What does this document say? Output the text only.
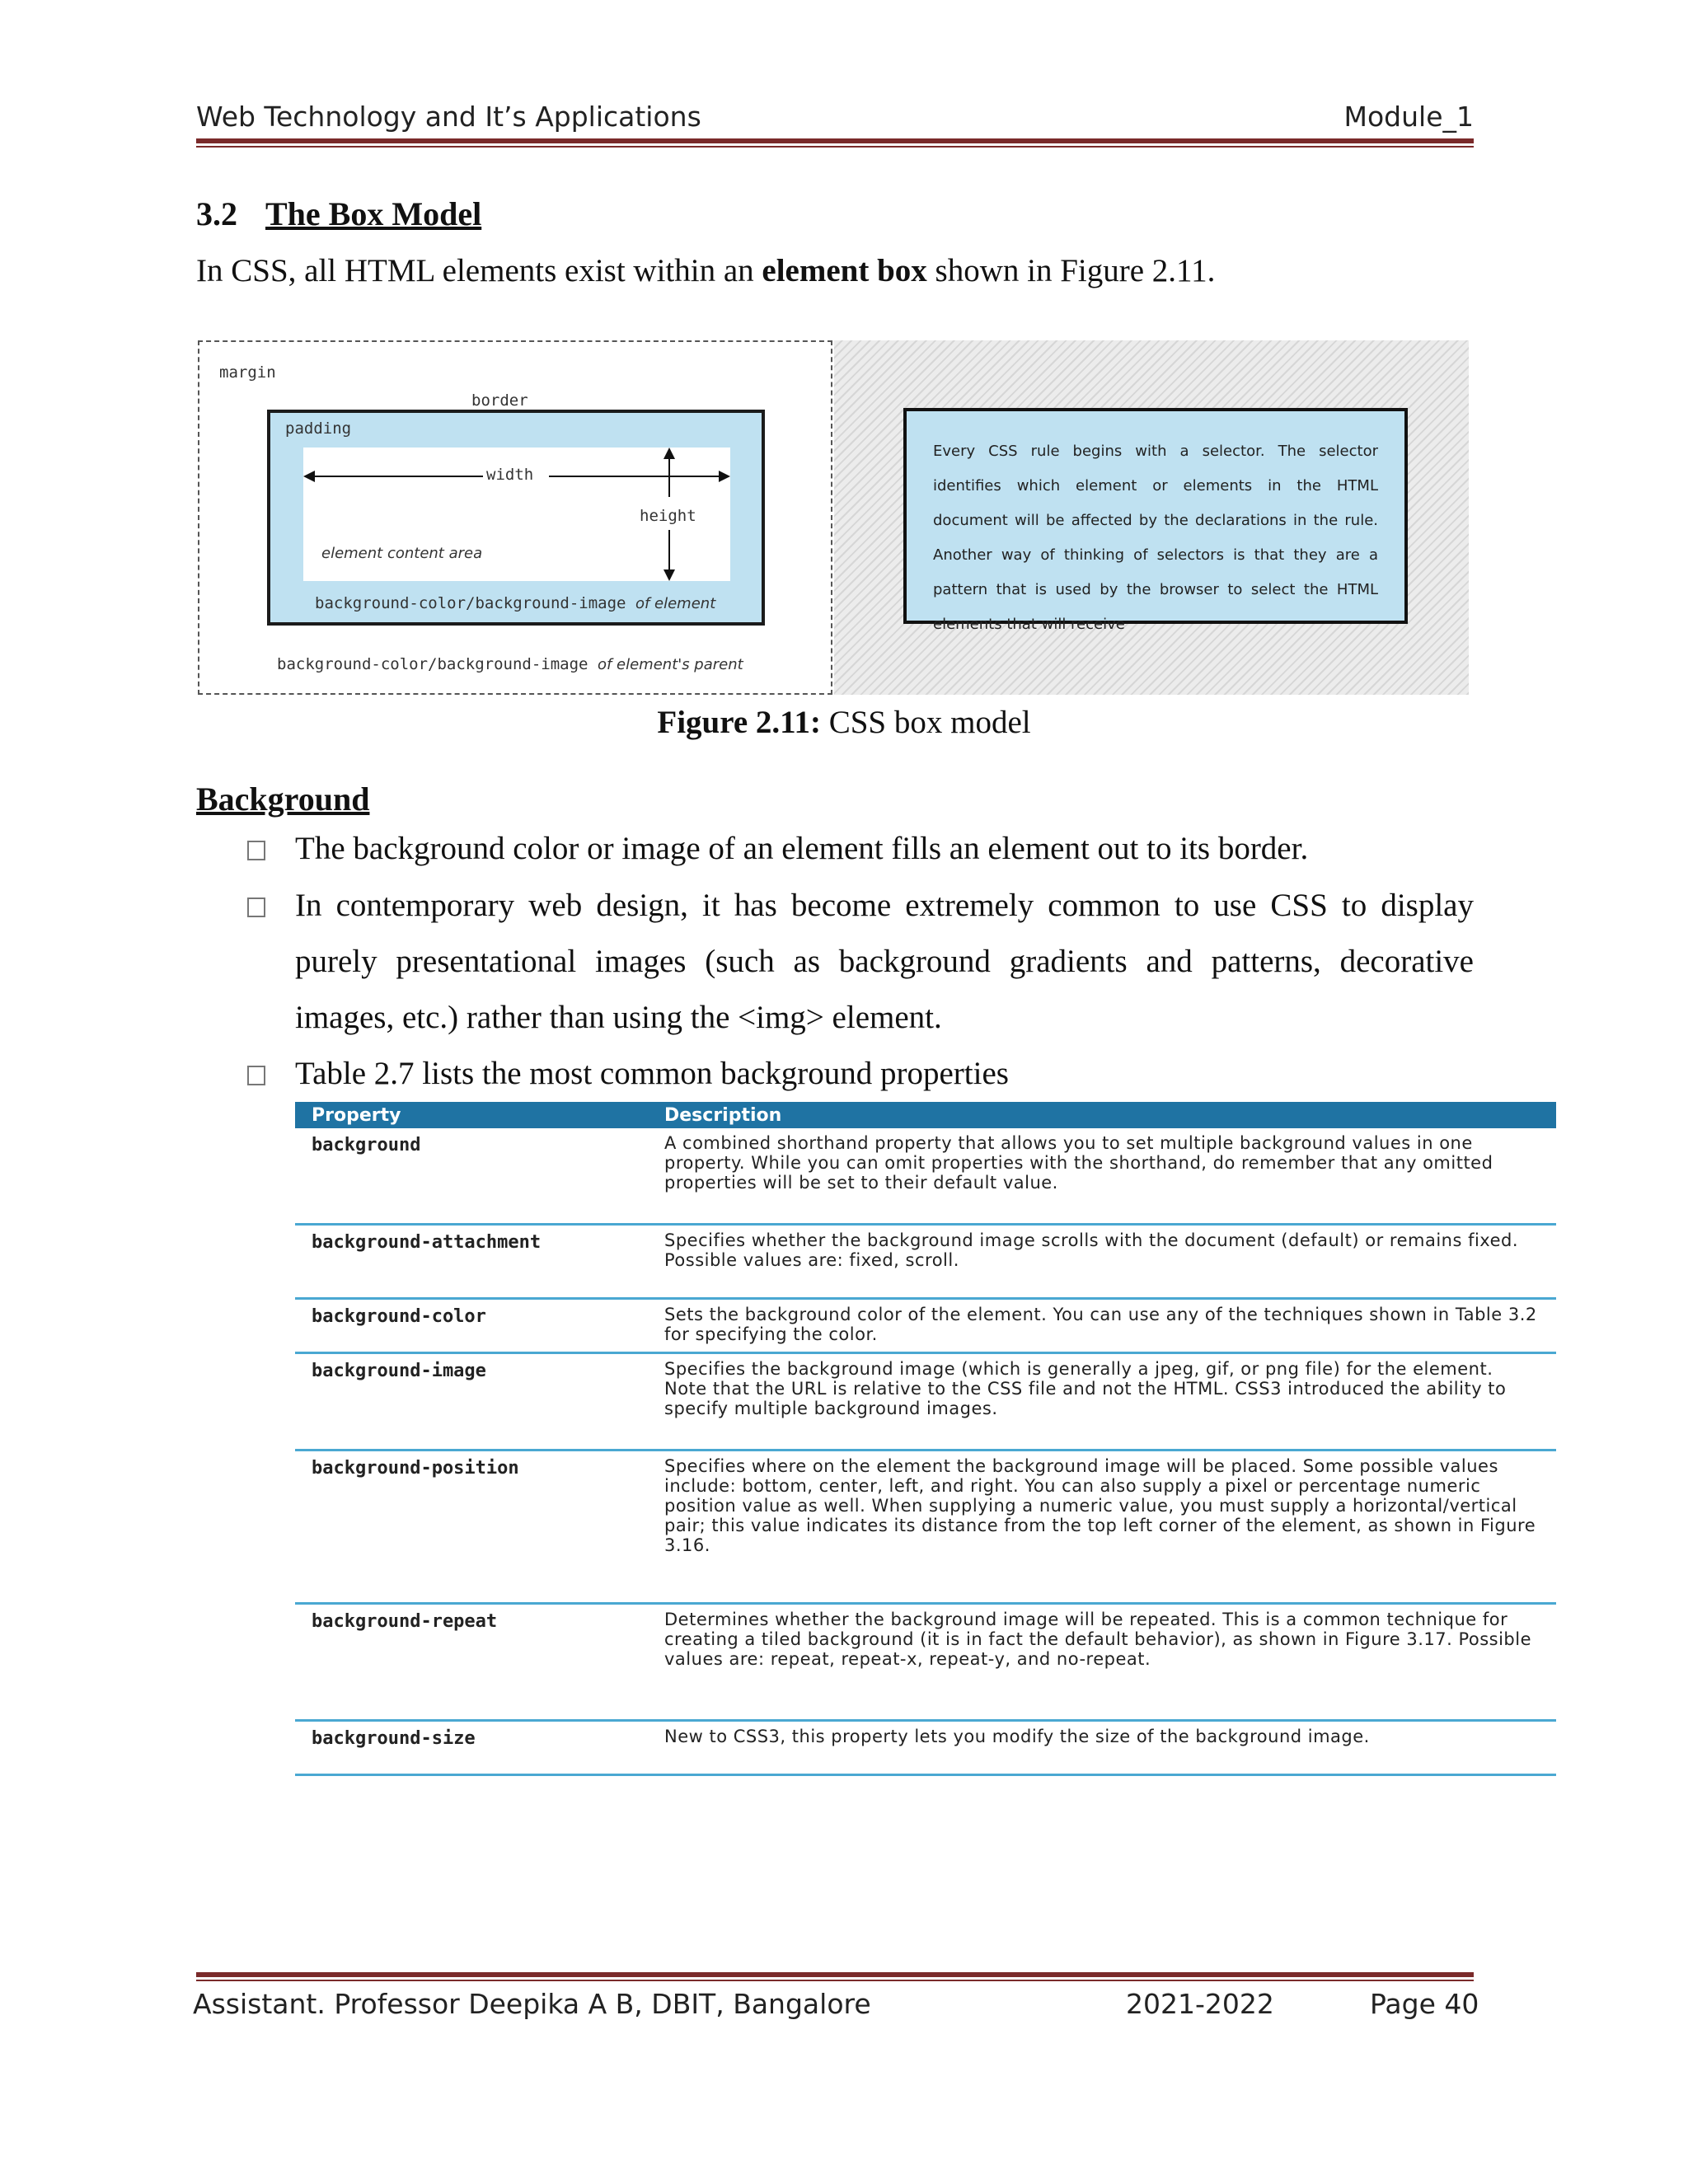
Web Technology and It’s Applications	Module_1
3.2 The Box Model
In CSS, all HTML elements exist within an element box shown in Figure 2.11.
margin
border
padding
width
height
element content area
background-color/background-image of element
background-color/background-image of element's parent
Every CSS rule begins with a selector. The selector identifies which element or elements in the HTML document will be affected by the declarations in the rule. Another way of thinking of selectors is that they are a pattern that is used by the browser to select the HTML elements that will receive
Figure 2.11: CSS box model
Background
The background color or image of an element fills an element out to its border.
In contemporary web design, it has become extremely common to use CSS to display purely presentational images (such as background gradients and patterns, decorative images, etc.) rather than using the <img> element.
Table 2.7 lists the most common background properties
Property	Description
background	A combined shorthand property that allows you to set multiple background values in one property. While you can omit properties with the shorthand, do remember that any omitted properties will be set to their default value.
background-attachment	Specifies whether the background image scrolls with the document (default) or remains fixed. Possible values are: fixed, scroll.
background-color	Sets the background color of the element. You can use any of the techniques shown in Table 3.2 for specifying the color.
background-image	Specifies the background image (which is generally a jpeg, gif, or png file) for the element. Note that the URL is relative to the CSS file and not the HTML. CSS3 introduced the ability to specify multiple background images.
background-position	Specifies where on the element the background image will be placed. Some possible values include: bottom, center, left, and right. You can also supply a pixel or percentage numeric position value as well. When supplying a numeric value, you must supply a horizontal/vertical pair; this value indicates its distance from the top left corner of the element, as shown in Figure 3.16.
background-repeat	Determines whether the background image will be repeated. This is a common technique for creating a tiled background (it is in fact the default behavior), as shown in Figure 3.17. Possible values are: repeat, repeat-x, repeat-y, and no-repeat.
background-size	New to CSS3, this property lets you modify the size of the background image.
Assistant. Professor Deepika A B, DBIT, Bangalore	2021-2022	Page 40
